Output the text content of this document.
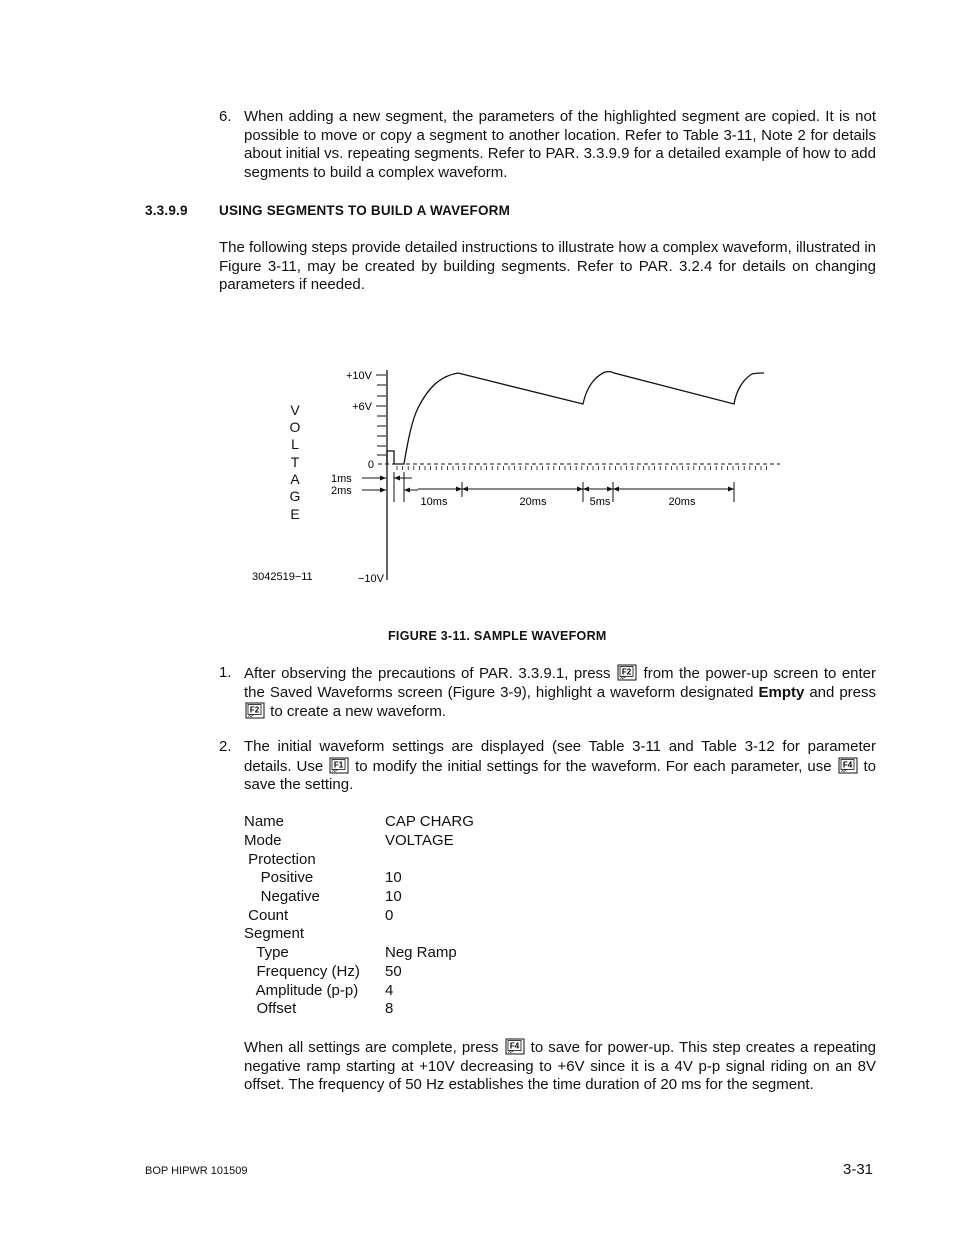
6. When adding a new segment, the parameters of the highlighted segment are copied. It is not possible to move or copy a segment to another location. Refer to Table 3-11, Note 2 for details about initial vs. repeating segments. Refer to PAR. 3.3.9.9 for a detailed example of how to add segments to build a complex waveform.
3.3.9.9 USING SEGMENTS TO BUILD A WAVEFORM
The following steps provide detailed instructions to illustrate how a complex waveform, illustrated in Figure 3-11, may be created by building segments. Refer to PAR. 3.2.4 for details on changing parameters if needed.
V
O
L
T
A
G
E
+10V
+6V
0
−10V
3042519−11
1ms
2ms
10ms	20ms	5ms	20ms
FIGURE 3-11. SAMPLE WAVEFORM
1. After observing the precautions of PAR. 3.3.9.1, press F2 from the power-up screen to enter the Saved Waveforms screen (Figure 3-9), highlight a waveform designated Empty and press
F2 to create a new waveform.
2. The initial waveform settings are displayed (see Table 3-11 and Table 3-12 for parameter details. Use F1 to modify the initial settings for the waveform. For each parameter, use F4 to save the setting.
Name	CAP CHARG
Mode	VOLTAGE
Protection
Positive	10
Negative	10
Count	0
Segment
Type	Neg Ramp
Frequency (Hz) 50
Amplitude (p-p) 4
Offset	8
When all settings are complete, press F4 to save for power-up. This step creates a repeating negative ramp starting at +10V decreasing to +6V since it is a 4V p-p signal riding on an 8V offset. The frequency of 50 Hz establishes the time duration of 20 ms for the segment.
BOP HIPWR 101509	3-31
